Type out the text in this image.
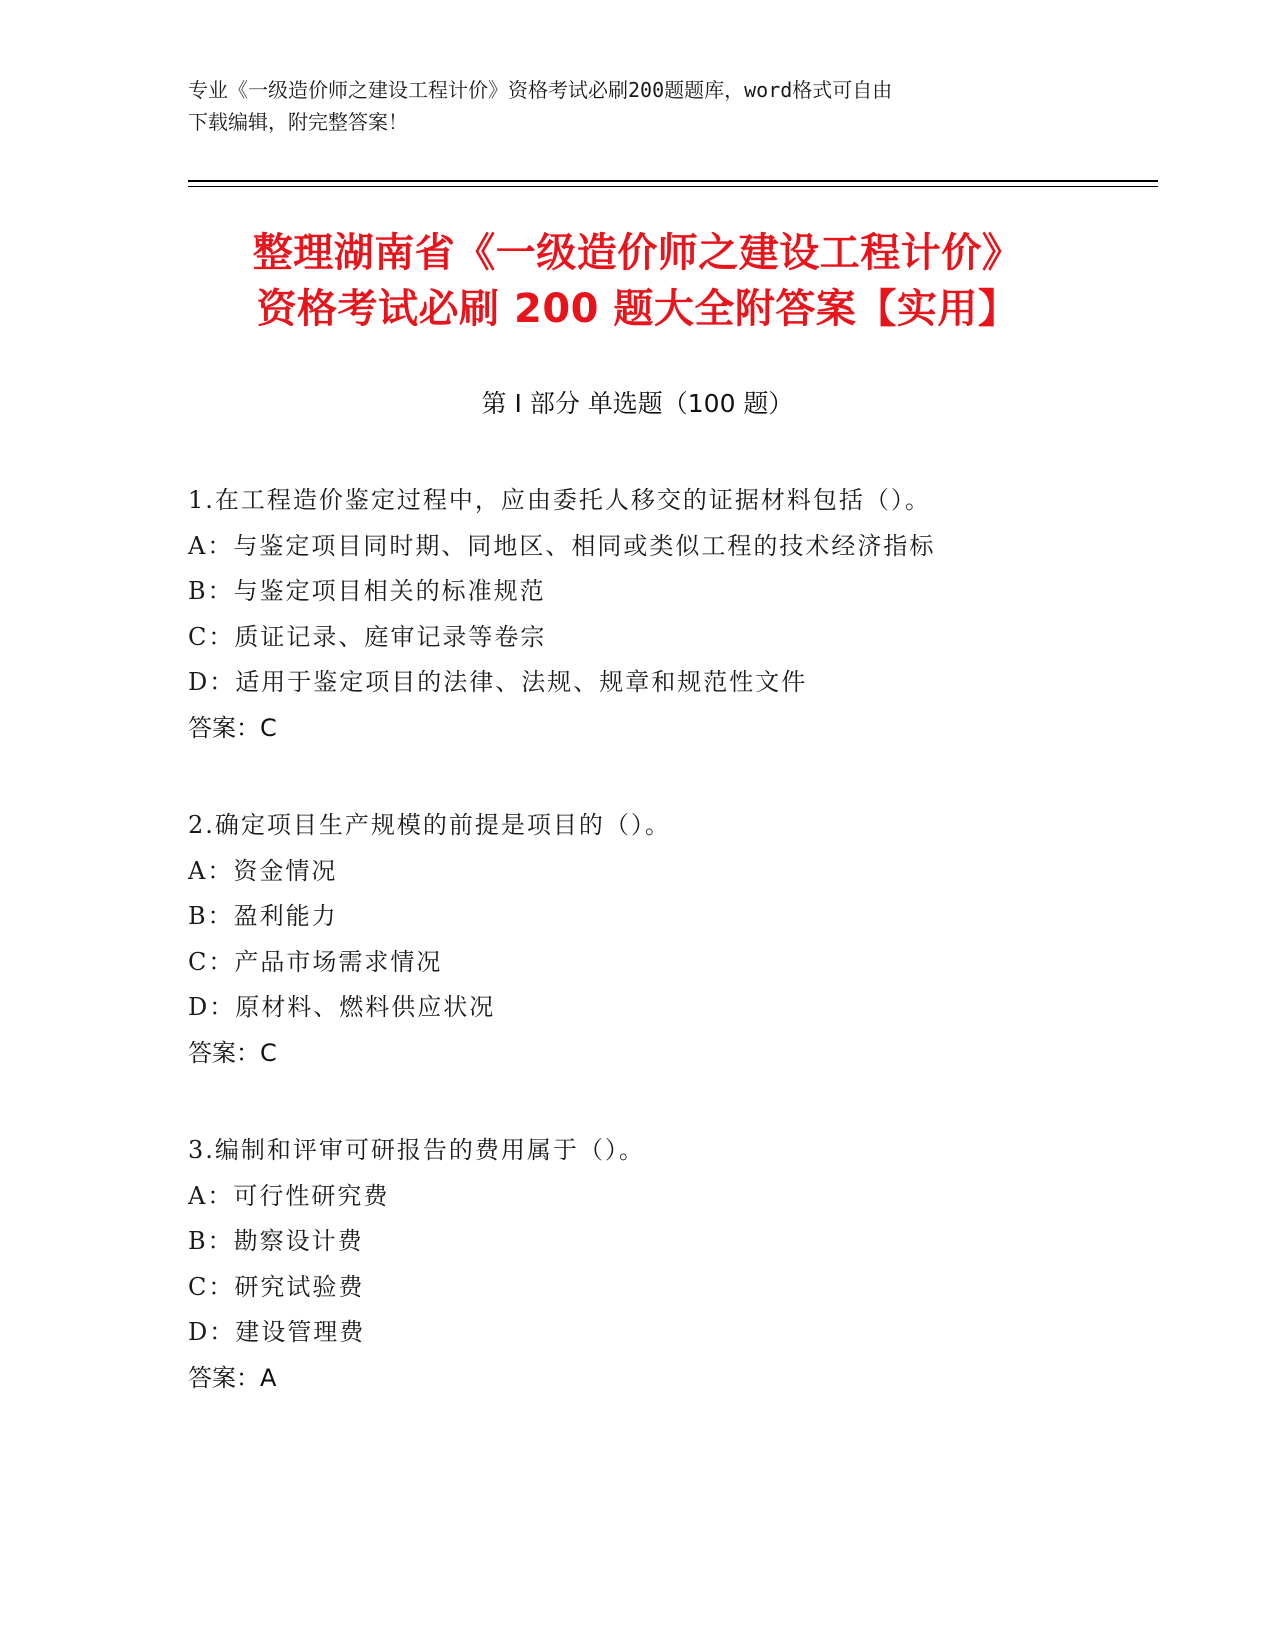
专业《一级造价师之建设工程计价》资格考试必刷200题题库，word格式可自由
下载编辑，附完整答案！
整理湖南省《一级造价师之建设工程计价》
资格考试必刷 200 题大全附答案【实用】
第 I 部分 单选题（100 题）
1.在工程造价鉴定过程中，应由委托人移交的证据材料包括（）。
A：与鉴定项目同时期、同地区、相同或类似工程的技术经济指标
B：与鉴定项目相关的标准规范
C：质证记录、庭审记录等卷宗
D：适用于鉴定项目的法律、法规、规章和规范性文件
答案：C
2.确定项目生产规模的前提是项目的（）。
A：资金情况
B：盈利能力
C：产品市场需求情况
D：原材料、燃料供应状况
答案：C
3.编制和评审可研报告的费用属于（）。
A：可行性研究费
B：勘察设计费
C：研究试验费
D：建设管理费
答案：A
